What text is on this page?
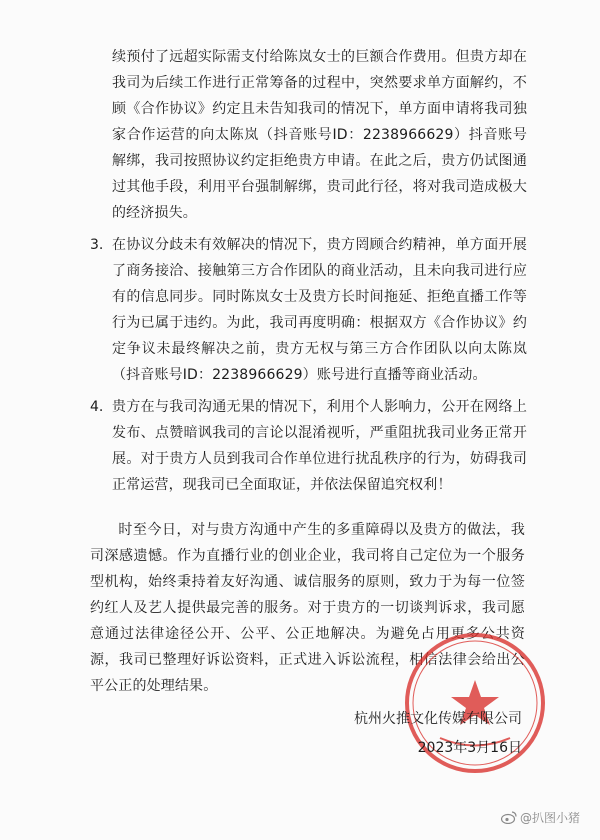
续预付了远超实际需支付给陈岚女士的巨额合作费用。但贵方却在我司为后续工作进行正常筹备的过程中，突然要求单方面解约，不顾《合作协议》约定且未告知我司的情况下，单方面申请将我司独家合作运营的向太陈岚（抖音账号ID：2238966629）抖音账号解绑，我司按照协议约定拒绝贵方申请。在此之后，贵方仍试图通过其他手段，利用平台强制解绑，贵司此行径，将对我司造成极大的经济损失。

3. 在协议分歧未有效解决的情况下，贵方罔顾合约精神，单方面开展了商务接洽、接触第三方合作团队的商业活动，且未向我司进行应有的信息同步。同时陈岚女士及贵方长时间拖延、拒绝直播工作等行为已属于违约。为此，我司再度明确：根据双方《合作协议》约定争议未最终解决之前，贵方无权与第三方合作团队以向太陈岚（抖音账号ID：2238966629）账号进行直播等商业活动。

4. 贵方在与我司沟通无果的情况下，利用个人影响力，公开在网络上发布、点赞暗讽我司的言论以混淆视听，严重阻扰我司业务正常开展。对于贵方人员到我司合作单位进行扰乱秩序的行为，妨碍我司正常运营，现我司已全面取证，并依法保留追究权利！

时至今日，对与贵方沟通中产生的多重障碍以及贵方的做法，我司深感遗憾。作为直播行业的创业企业，我司将自己定位为一个服务型机构，始终秉持着友好沟通、诚信服务的原则，致力于为每一位签约红人及艺人提供最完善的服务。对于贵方的一切谈判诉求，我司愿意通过法律途径公开、公平、公正地解决。为避免占用更多公共资源，我司已整理好诉讼资料，正式进入诉讼流程，相信法律会给出公平公正的处理结果。

杭州火推文化传媒有限公司
2023年3月16日
@扒图小猪
